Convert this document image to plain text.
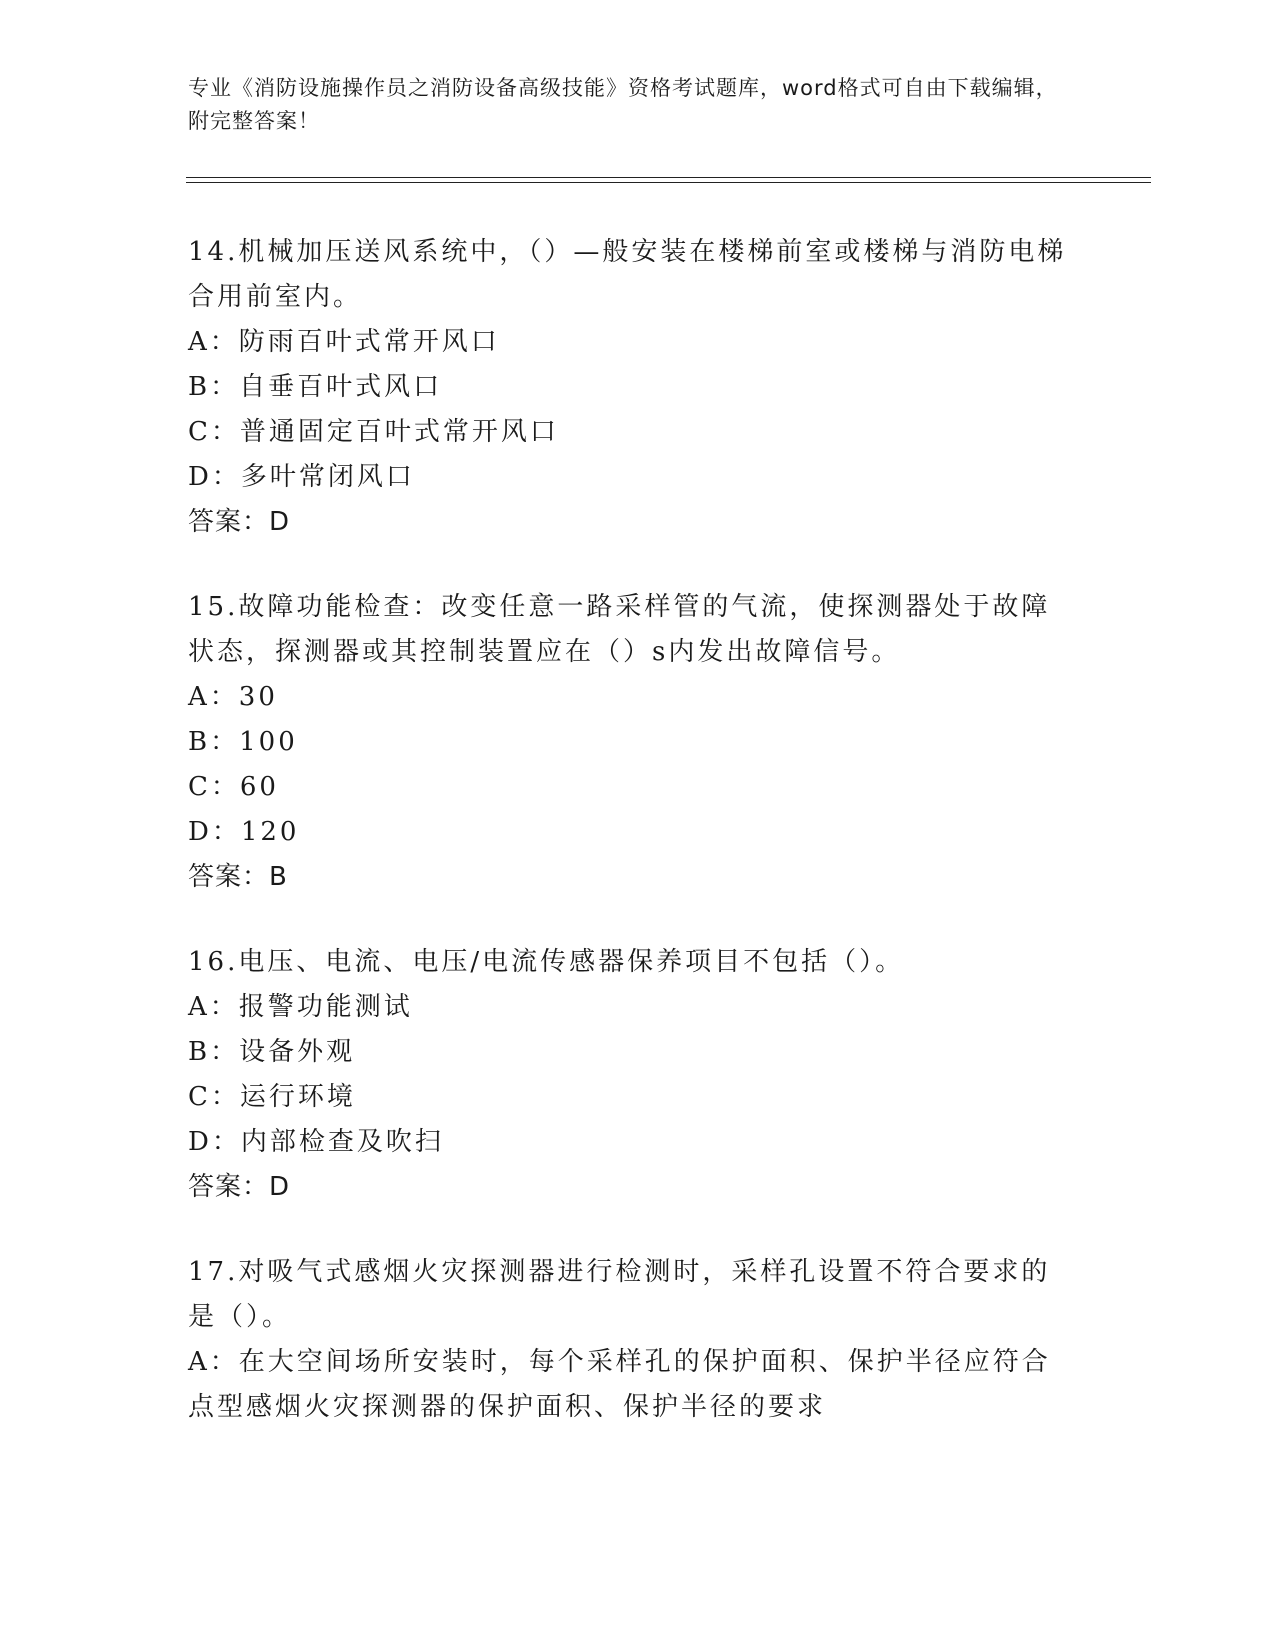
专业《消防设施操作员之消防设备高级技能》资格考试题库，word格式可自由下载编辑，附完整答案！

14.机械加压送风系统中，（）—般安装在楼梯前室或楼梯与消防电梯合用前室内。

A：防雨百叶式常开风口

B：自垂百叶式风口

C：普通固定百叶式常开风口

D：多叶常闭风口

答案：D

15.故障功能检查：改变任意一路采样管的气流，使探测器处于故障状态，探测器或其控制装置应在（）s内发出故障信号。

A：30

B：100

C：60

D：120

答案：B

16.电压、电流、电压/电流传感器保养项目不包括（）。

A：报警功能测试

B：设备外观

C：运行环境

D：内部检查及吹扫

答案：D

17.对吸气式感烟火灾探测器进行检测时，采样孔设置不符合要求的是（）。

A：在大空间场所安装时，每个采样孔的保护面积、保护半径应符合点型感烟火灾探测器的保护面积、保护半径的要求
